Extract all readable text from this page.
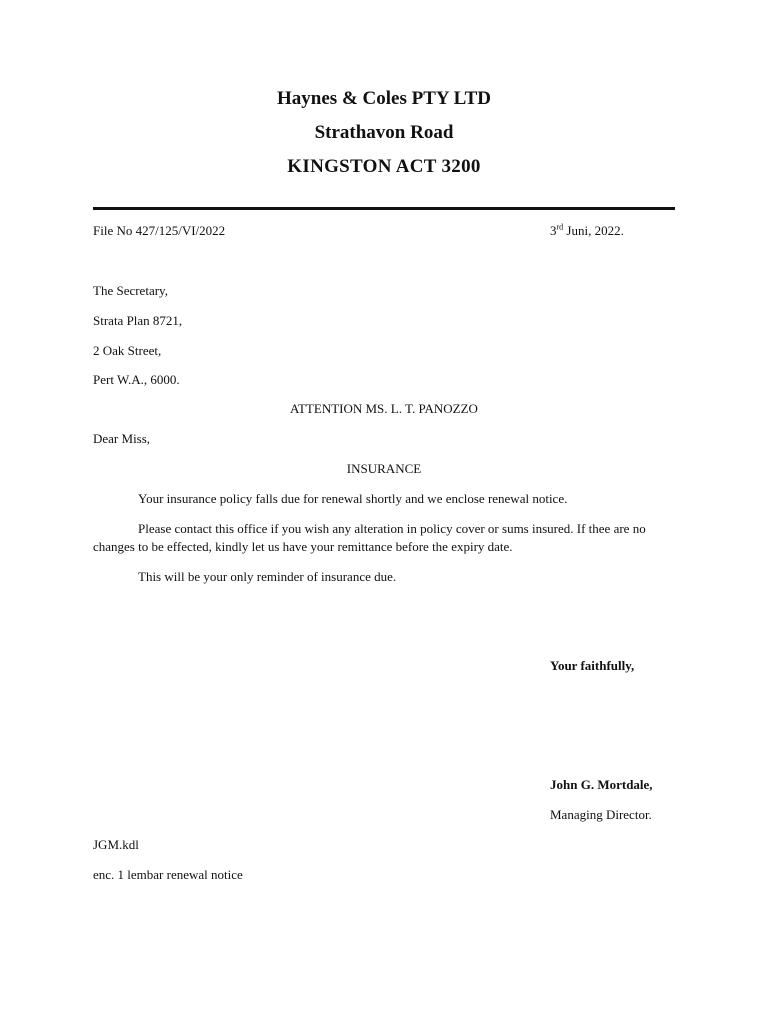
Haynes & Coles PTY LTD
Strathavon Road
KINGSTON ACT 3200
File No 427/125/VI/2022	3rd Juni, 2022.
The Secretary,
Strata Plan 8721,
2 Oak Street,
Pert W.A., 6000.
ATTENTION MS. L. T. PANOZZO
Dear Miss,
INSURANCE
Your insurance policy falls due for renewal shortly and we enclose renewal notice.
Please contact this office if you wish any alteration in policy cover or sums insured. If thee are no changes to be effected, kindly let us have your remittance before the expiry date.
This will be your only reminder of insurance due.
Your faithfully,
John G. Mortdale,
Managing Director.
JGM.kdl
enc. 1 lembar renewal notice
